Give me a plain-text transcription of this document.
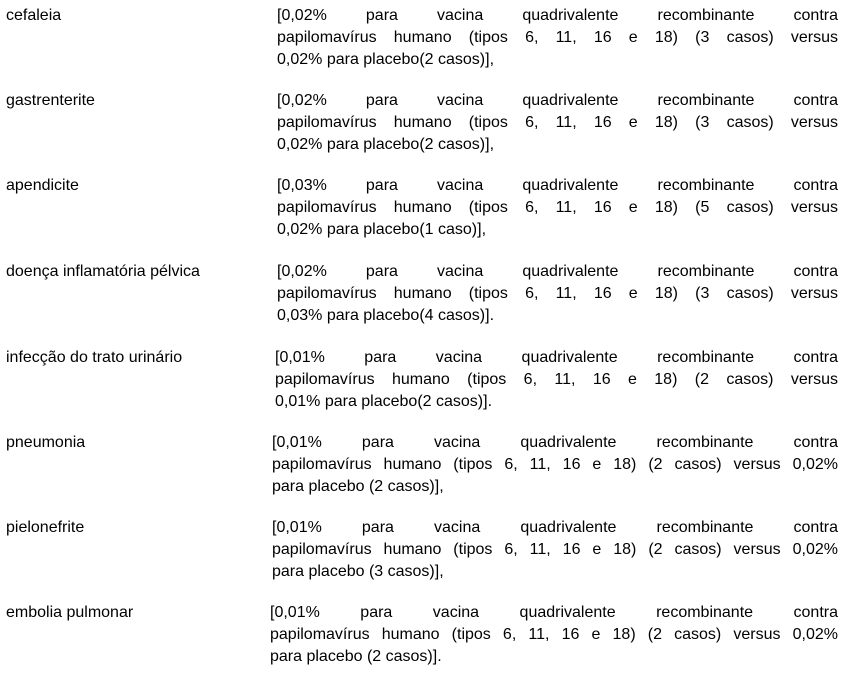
cefaleia	[0,02% para vacina quadrivalente recombinante contra
papilomavírus humano (tipos 6, 11, 16 e 18) (3 casos) versus
0,02% para placebo(2 casos)],
gastrenterite	[0,02% para vacina quadrivalente recombinante contra
papilomavírus humano (tipos 6, 11, 16 e 18) (3 casos) versus
0,02% para placebo(2 casos)],
apendicite	[0,03% para vacina quadrivalente recombinante contra
papilomavírus humano (tipos 6, 11, 16 e 18) (5 casos) versus
0,02% para placebo(1 caso)],
doença inflamatória pélvica	[0,02% para vacina quadrivalente recombinante contra
papilomavírus humano (tipos 6, 11, 16 e 18) (3 casos) versus
0,03% para placebo(4 casos)].
infecção do trato urinário	[0,01% para vacina quadrivalente recombinante contra
papilomavírus humano (tipos 6, 11, 16 e 18) (2 casos) versus
0,01% para placebo(2 casos)].
pneumonia	[0,01% para vacina quadrivalente recombinante contra
papilomavírus humano (tipos 6, 11, 16 e 18) (2 casos) versus 0,02%
para placebo (2 casos)],
pielonefrite	[0,01% para vacina quadrivalente recombinante contra
papilomavírus humano (tipos 6, 11, 16 e 18) (2 casos) versus 0,02%
para placebo (3 casos)],
embolia pulmonar	[0,01% para vacina quadrivalente recombinante contra
papilomavírus humano (tipos 6, 11, 16 e 18) (2 casos) versus 0,02%
para placebo (2 casos)].
